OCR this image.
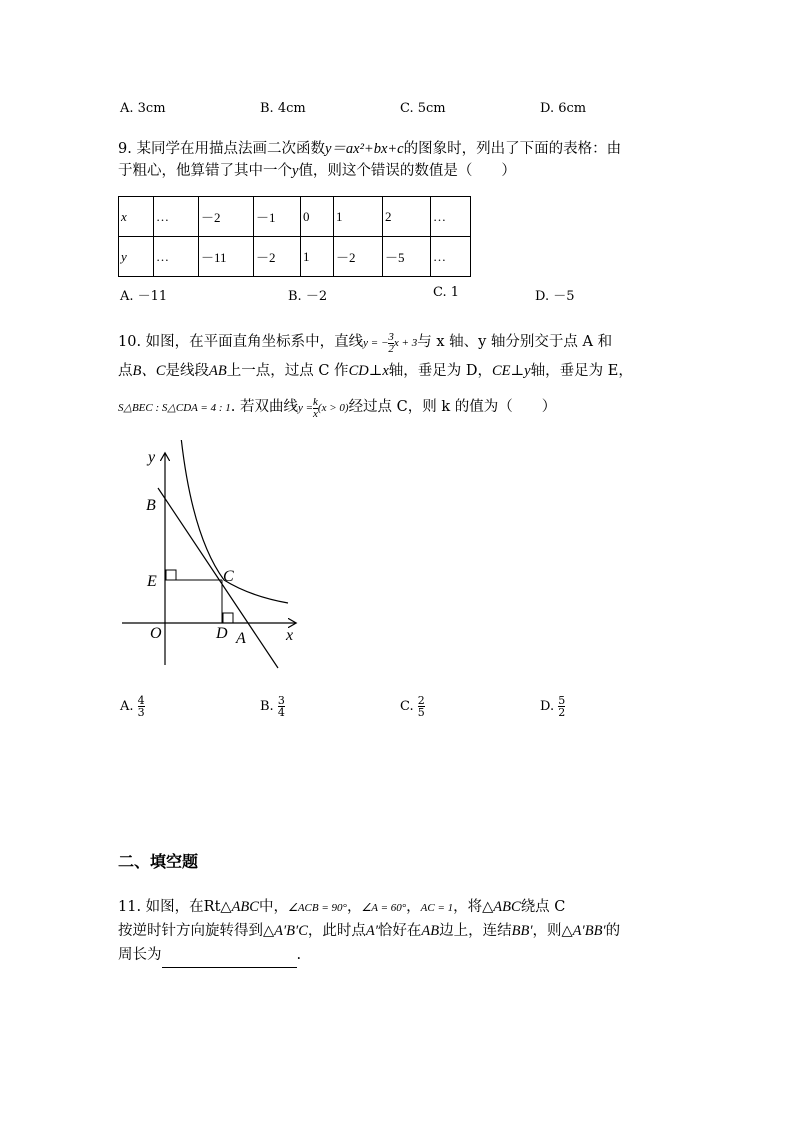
A. 3cm	B. 4cm	C. 5cm	D. 6cm
9. 某同学在用描点法画二次函数y＝ax²+bx+c的图象时，列出了下面的表格：由
于粗心，他算错了其中一个y值，则这个错误的数值是（　　）
x	…	－2	－1	0	1	2	…
y	…	－11	－2	1	－2	－5	…
A. －11	B. －2	C. 1	D. －5
10. 如图，在平面直角坐标系中，直线y = − $\frac{3}{2}$ x + 3与 x 轴、y 轴分别交于点 A 和
点B、C是线段AB上一点，过点 C 作CD⊥x轴，垂足为 D，CE⊥y轴，垂足为 E，
S△BEC : S△CDA = 4 : 1. 若双曲线$y = \frac{k}{x} (x > 0)$经过点 C，则 k 的值为（　　）
y
B
E	C
O	D A	x
A. $\frac{4}{3}$	B. $\frac{3}{4}$	C. $\frac{2}{5}$	D. $\frac{5}{2}$
二、填空题
11. 如图，在Rt△ABC中，∠ACB = 90°，∠A = 60°，AC = 1，将△ABC绕点 C
按逆时针方向旋转得到△A′B′C，此时点A′恰好在AB边上，连结BB′，则△A′BB′的
周长为	.
